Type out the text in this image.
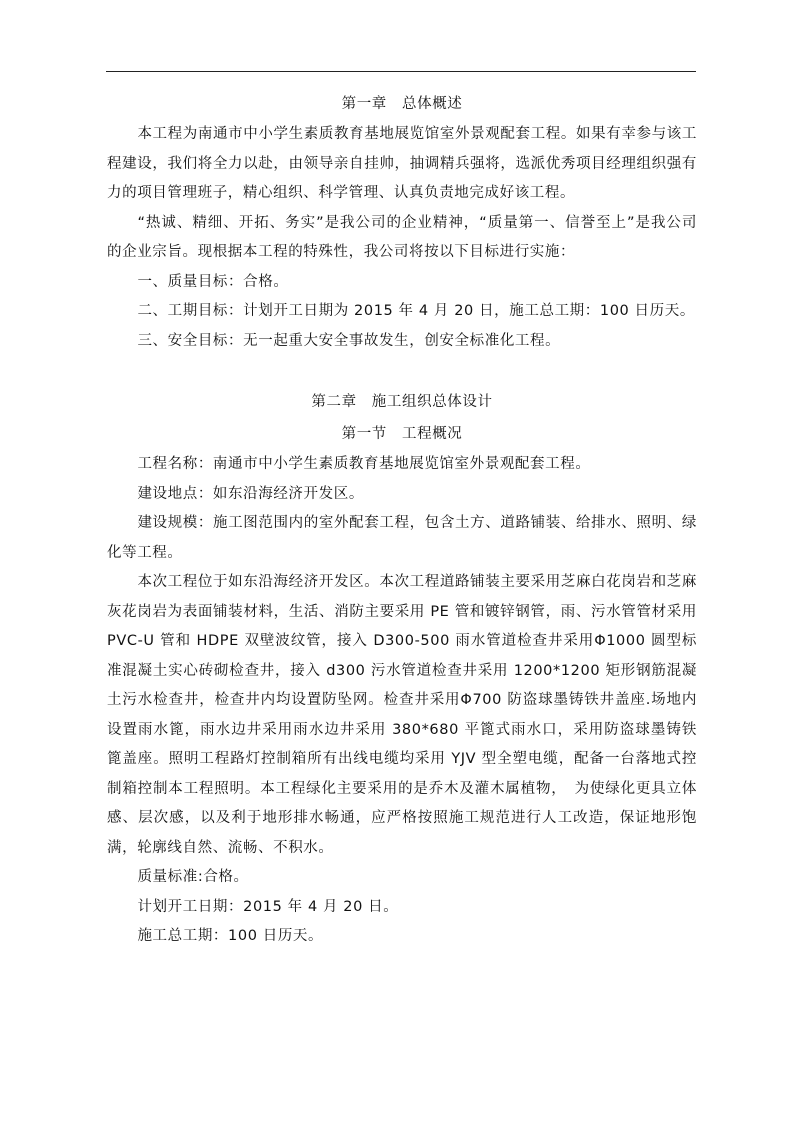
第一章　总体概述

本工程为南通市中小学生素质教育基地展览馆室外景观配套工程。如果有幸参与该工程建设，我们将全力以赴，由领导亲自挂帅，抽调精兵强将，选派优秀项目经理组织强有力的项目管理班子，精心组织、科学管理、认真负责地完成好该工程。

“热诚、精细、开拓、务实”是我公司的企业精神，“质量第一、信誉至上”是我公司的企业宗旨。现根据本工程的特殊性，我公司将按以下目标进行实施：

一、质量目标：合格。

二、工期目标：计划开工日期为 2015 年 4 月 20 日，施工总工期：100 日历天。

三、安全目标：无一起重大安全事故发生，创安全标准化工程。

第二章　施工组织总体设计
第一节　工程概况

工程名称：南通市中小学生素质教育基地展览馆室外景观配套工程。

建设地点：如东沿海经济开发区。

建设规模：施工图范围内的室外配套工程，包含土方、道路铺装、给排水、照明、绿化等工程。

本次工程位于如东沿海经济开发区。本次工程道路铺装主要采用芝麻白花岗岩和芝麻灰花岗岩为表面铺装材料，生活、消防主要采用 PE 管和镀锌钢管，雨、污水管管材采用 PVC-U 管和 HDPE 双壁波纹管，接入 D300-500 雨水管道检查井采用Φ1000 圆型标准混凝土实心砖砌检查井，接入 d300 污水管道检查井采用 1200*1200 矩形钢筋混凝土污水检查井，检查井内均设置防坠网。检查井采用Φ700 防盗球墨铸铁井盖座.场地内设置雨水篦，雨水边井采用雨水边井采用 380*680 平篦式雨水口，采用防盗球墨铸铁篦盖座。照明工程路灯控制箱所有出线电缆均采用 YJV 型全塑电缆，配备一台落地式控制箱控制本工程照明。本工程绿化主要采用的是乔木及灌木属植物，　为使绿化更具立体感、层次感，以及利于地形排水畅通，应严格按照施工规范进行人工改造，保证地形饱满，轮廓线自然、流畅、不积水。

质量标准:合格。

计划开工日期：2015 年 4 月 20 日。

施工总工期：100 日历天。
